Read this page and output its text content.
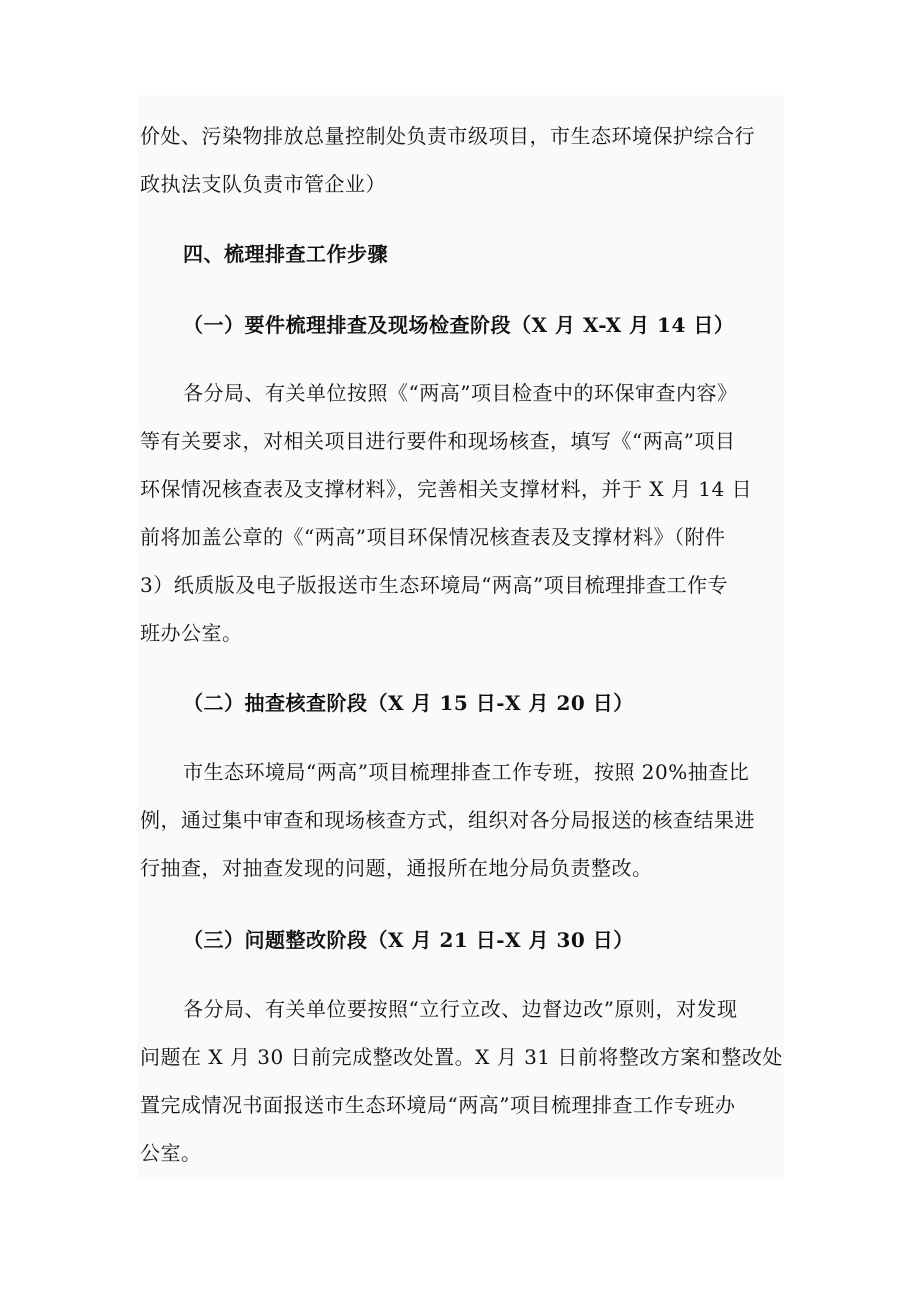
价处、污染物排放总量控制处负责市级项目，市生态环境保护综合行
政执法支队负责市管企业）
四、梳理排查工作步骤
（一）要件梳理排查及现场检查阶段（X 月 X-X 月 14 日）
各分局、有关单位按照《“两高”项目检查中的环保审查内容》
等有关要求，对相关项目进行要件和现场核查，填写《“两高”项目
环保情况核查表及支撑材料》，完善相关支撑材料，并于 X 月 14 日
前将加盖公章的《“两高”项目环保情况核查表及支撑材料》（附件
3）纸质版及电子版报送市生态环境局“两高”项目梳理排查工作专
班办公室。
（二）抽查核查阶段（X 月 15 日-X 月 20 日）
市生态环境局“两高”项目梳理排查工作专班，按照 20%抽查比
例，通过集中审查和现场核查方式，组织对各分局报送的核查结果进
行抽查，对抽查发现的问题，通报所在地分局负责整改。
（三）问题整改阶段（X 月 21 日-X 月 30 日）
各分局、有关单位要按照“立行立改、边督边改”原则，对发现
问题在 X 月 30 日前完成整改处置。X 月 31 日前将整改方案和整改处
置完成情况书面报送市生态环境局“两高”项目梳理排查工作专班办
公室。
